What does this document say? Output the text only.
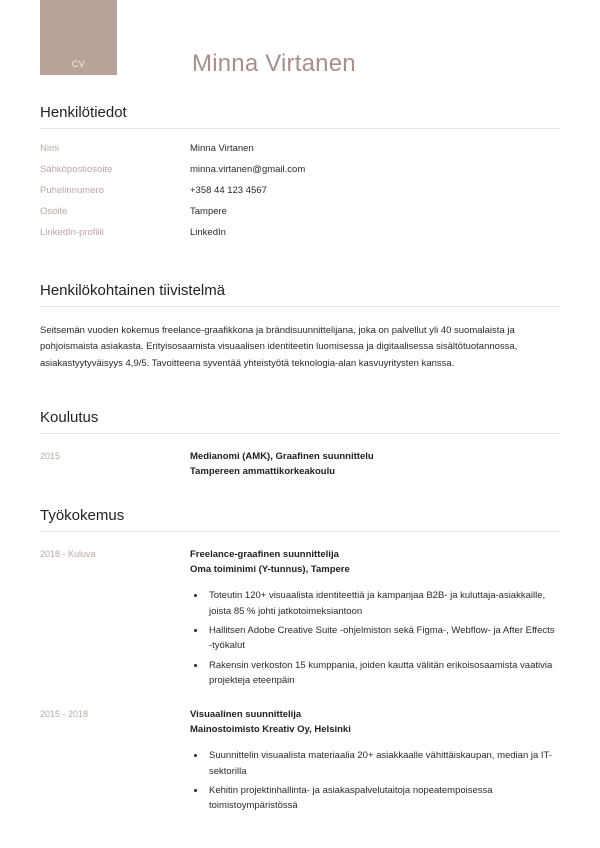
CV	Minna Virtanen
Henkilötiedot
Nimi	Minna Virtanen
Sähköpostiosoite	minna.virtanen@gmail.com
Puhelinnumero	+358 44 123 4567
Osoite	Tampere
LinkedIn-profiili	LinkedIn
Henkilökohtainen tiivistelmä

Seitsemän vuoden kokemus freelance-graafikkona ja brändisuunnittelijana, joka on palvellut yli 40 suomalaista ja pohjoismaista asiakasta. Erityisosaamista visuaalisen identiteetin luomisessa ja digitaalisessa sisältötuotannossa, asiakastyytyväisyys 4,9/5. Tavoitteena syventää yhteistyötä teknologia-alan kasvuyritysten kanssa.

Koulutus
2015	Medianomi (AMK), Graafinen suunnittelu
Tampereen ammattikorkeakoulu
Työkokemus
2018 - Kuluva	Freelance-graafinen suunnittelija
Oma toiminimi (Y-tunnus), Tampere
• Toteutin 120+ visuaalista identiteettiä ja kampanjaa B2B- ja kuluttaja-asiakkaille, joista 85 % johti jatkotoimeksiantoon
• Hallitsen Adobe Creative Suite -ohjelmiston sekä Figma-, Webflow- ja After Effects -työkalut
• Rakensin verkoston 15 kumppania, joiden kautta välitän erikoisosaamista vaativia projekteja eteenpäin
2015 - 2018	Visuaalinen suunnittelija
Mainostoimisto Kreativ Oy, Helsinki
• Suunnittelin visuaalista materiaalia 20+ asiakkaalle vähittäiskaupan, median ja IT-sektorilla
• Kehitin projektinhallinta- ja asiakaspalvelutaitoja nopeatempoisessa toimistoympäristössä
